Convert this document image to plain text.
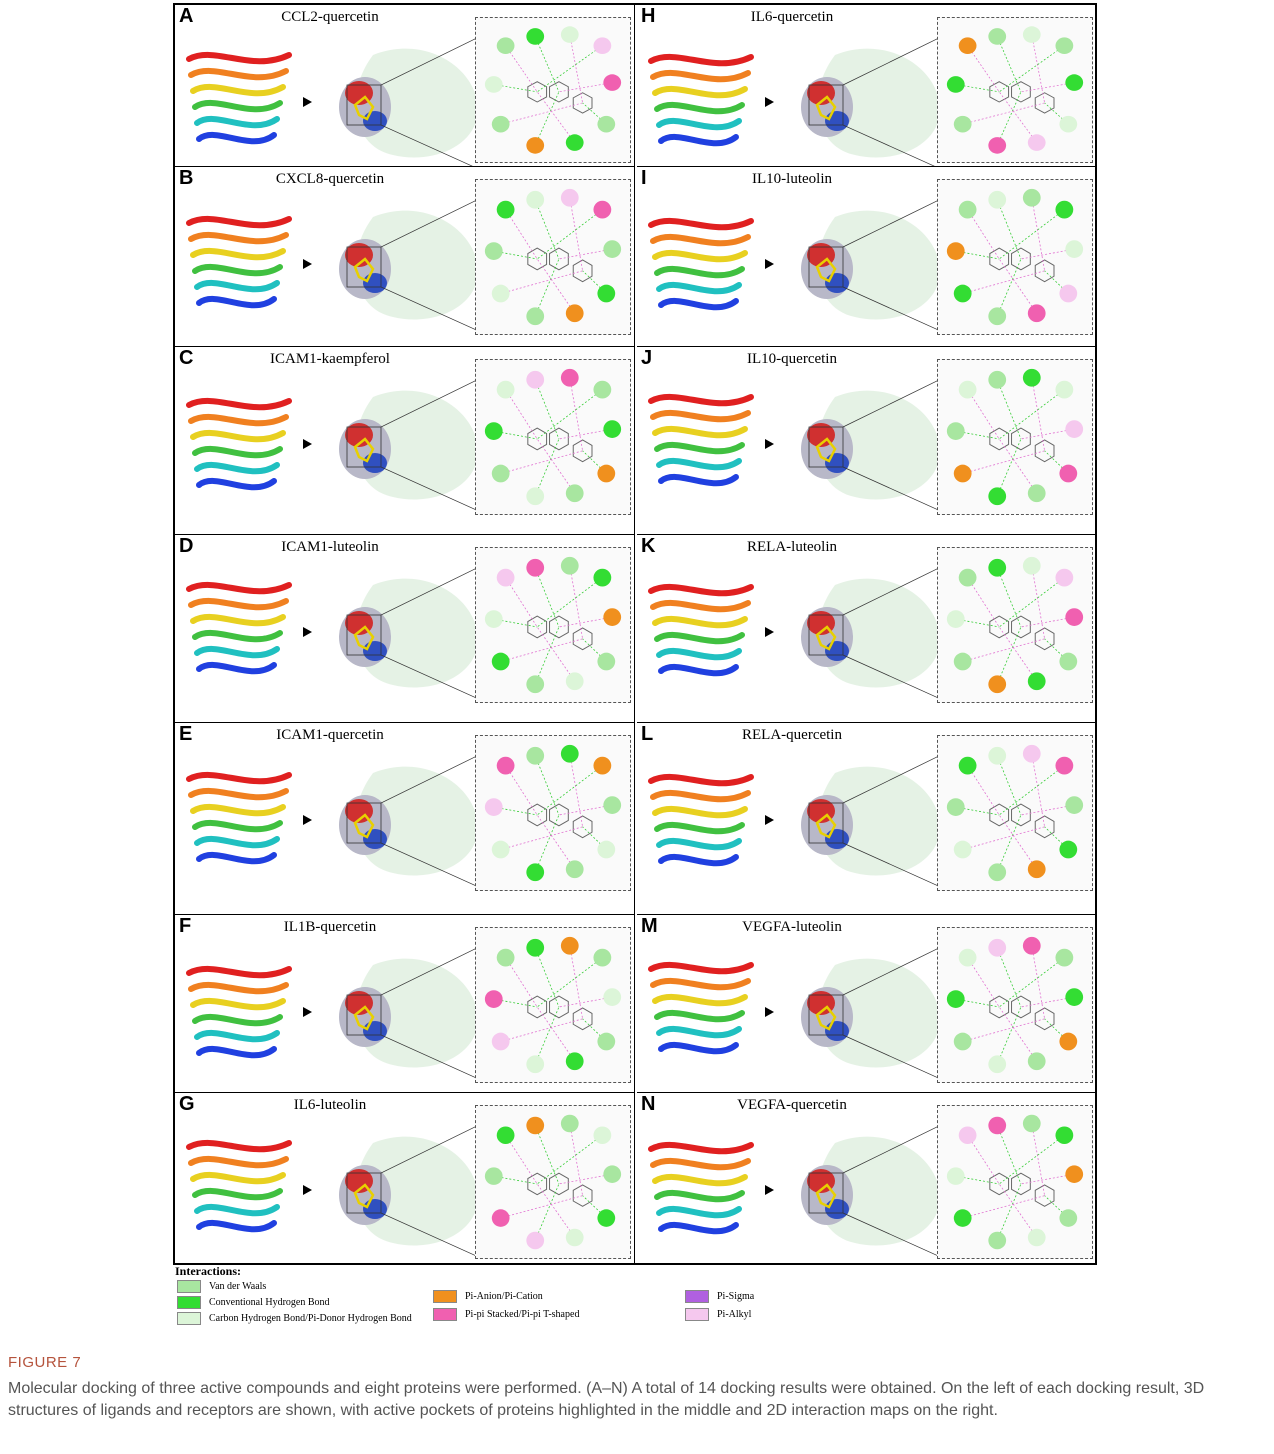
A	CCL2-quercetin
B	CXCL8-quercetin
C	ICAM1-kaempferol
D	ICAM1-luteolin
E	ICAM1-quercetin
F	IL1B-quercetin
G	IL6-luteolin
H	IL6-quercetin
I	IL10-luteolin
J	IL10-quercetin
K	RELA-luteolin
L	RELA-quercetin
M	VEGFA-luteolin
N	VEGFA-quercetin
Interactions:
Van der Waals
Conventional Hydrogen Bond
Carbon Hydrogen Bond/Pi-Donor Hydrogen Bond
Pi-Anion/Pi-Cation
Pi-pi Stacked/Pi-pi T-shaped
Pi-Sigma
Pi-Alkyl
FIGURE 7
Molecular docking of three active compounds and eight proteins were performed. (A–N) A total of 14 docking results were obtained. On the left of each docking result, 3D structures of ligands and receptors are shown, with active pockets of proteins highlighted in the middle and 2D interaction maps on the right.
